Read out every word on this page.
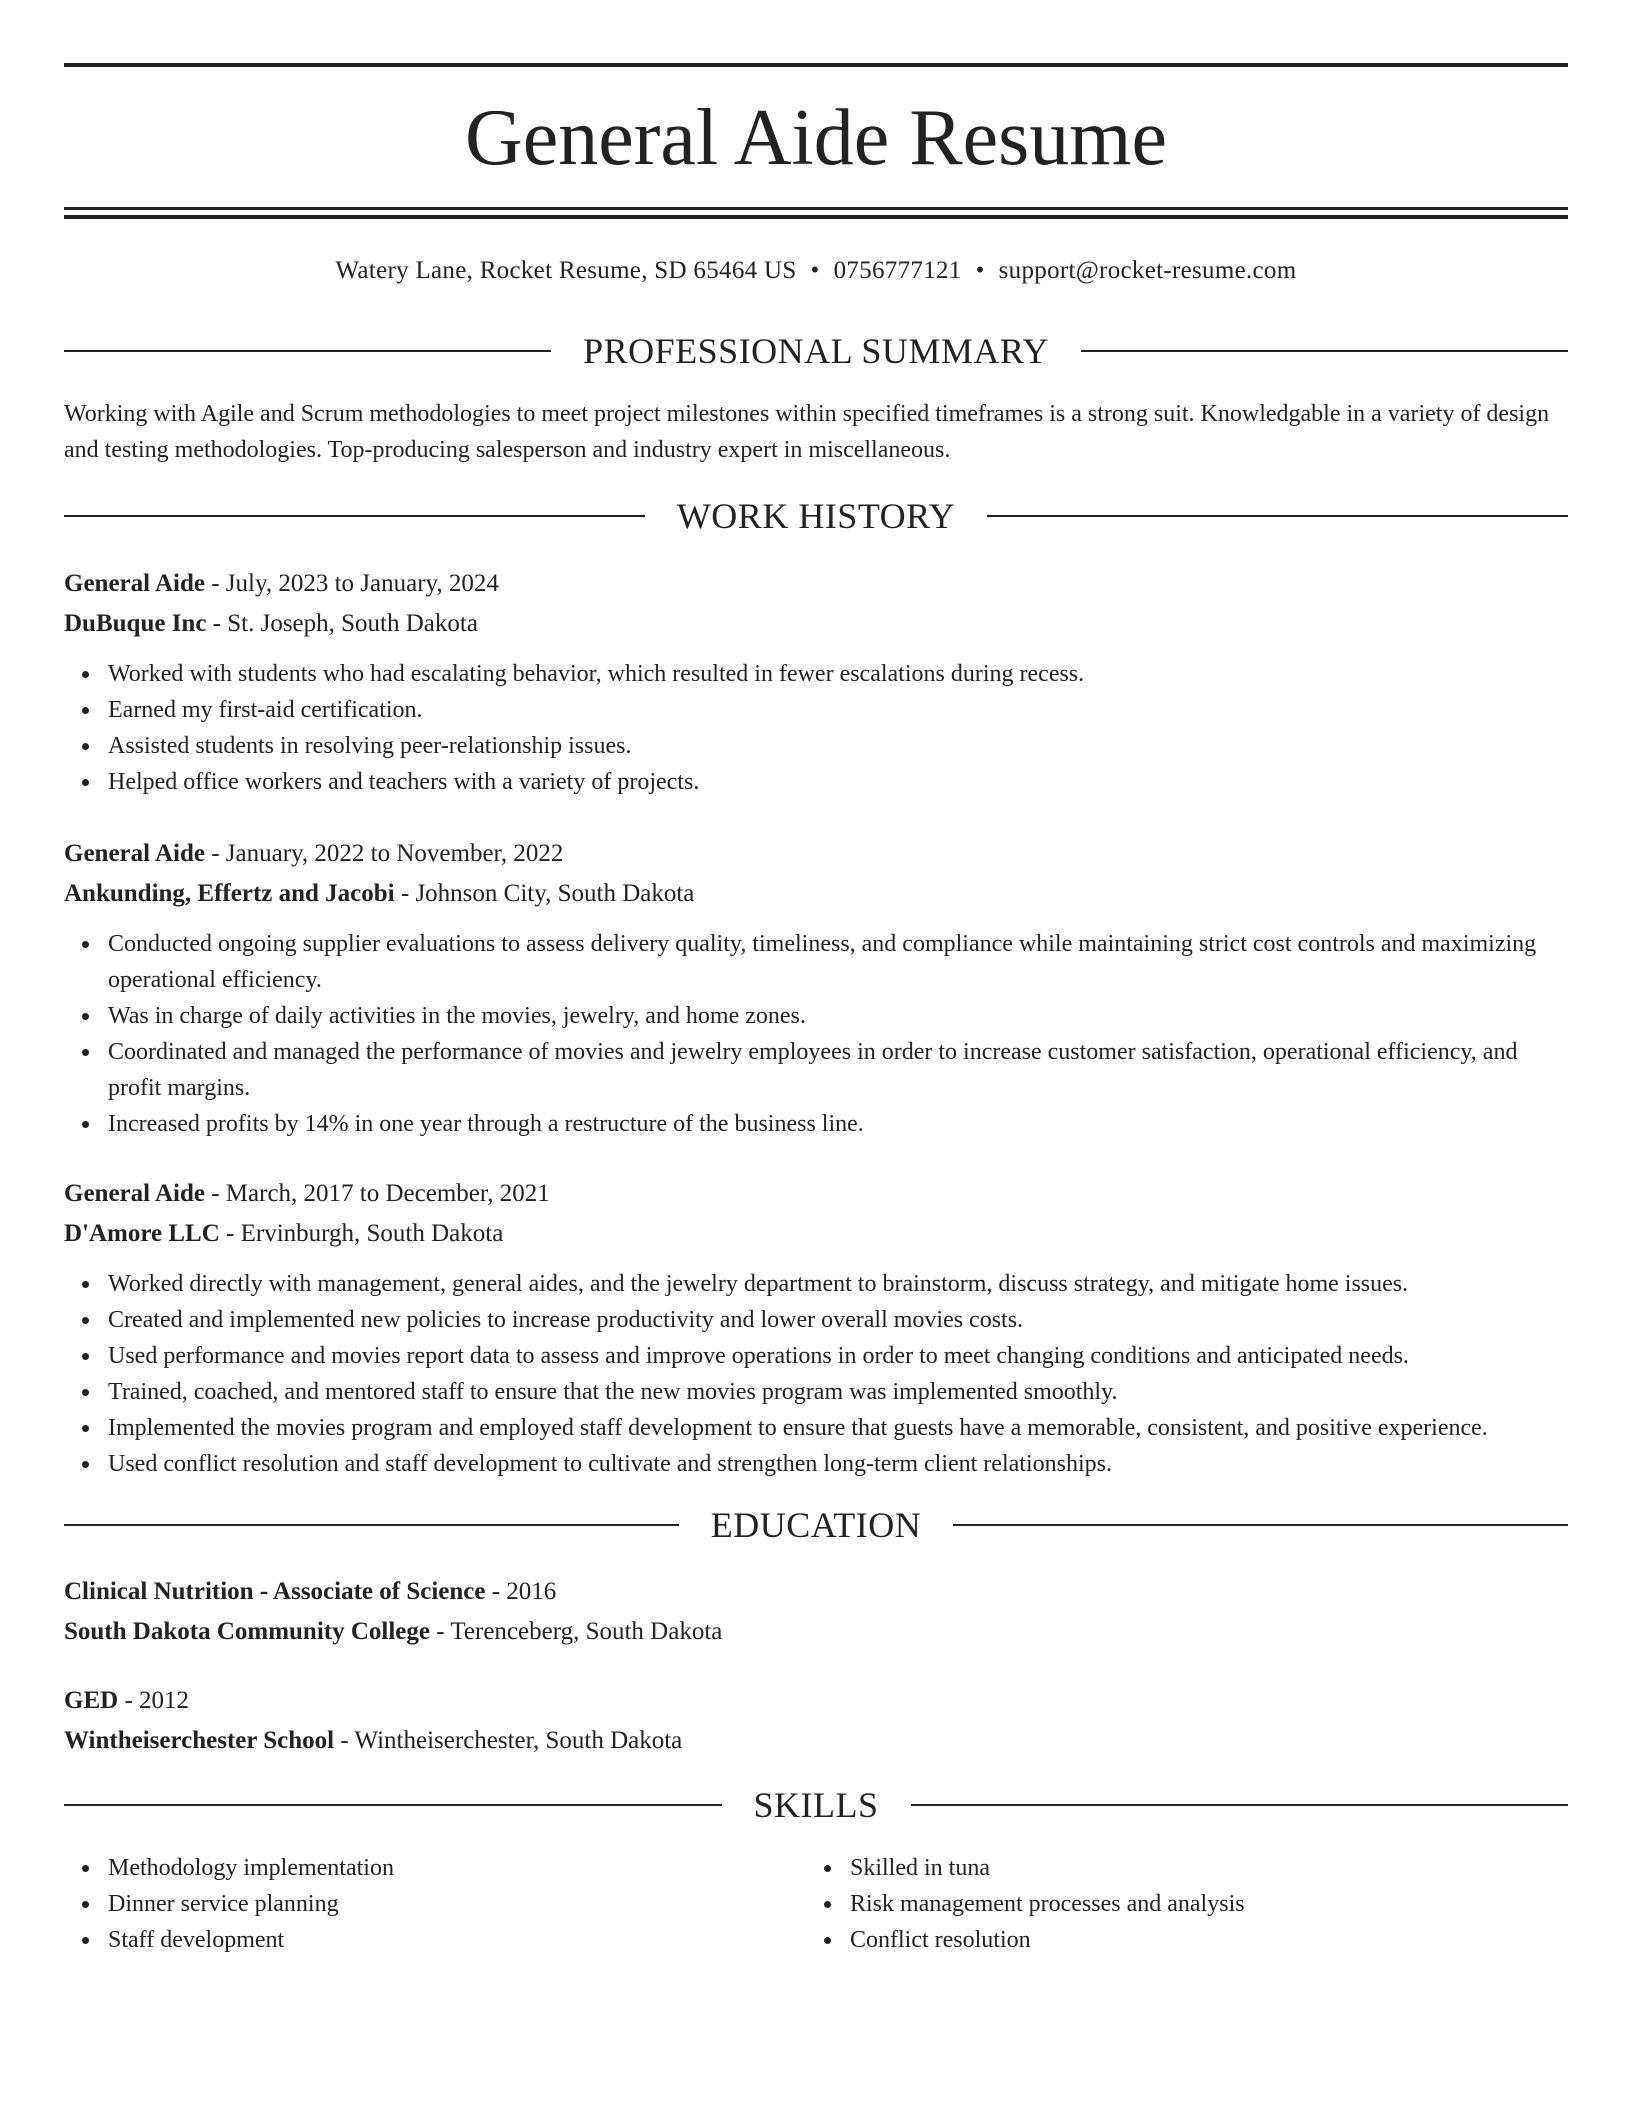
General Aide Resume
Watery Lane, Rocket Resume, SD 65464 US • 0756777121 • support@rocket-resume.com
PROFESSIONAL SUMMARY
Working with Agile and Scrum methodologies to meet project milestones within specified timeframes is a strong suit. Knowledgable in a variety of design and testing methodologies. Top-producing salesperson and industry expert in miscellaneous.
WORK HISTORY
General Aide - July, 2023 to January, 2024
DuBuque Inc - St. Joseph, South Dakota
Worked with students who had escalating behavior, which resulted in fewer escalations during recess.
Earned my first-aid certification.
Assisted students in resolving peer-relationship issues.
Helped office workers and teachers with a variety of projects.
General Aide - January, 2022 to November, 2022
Ankunding, Effertz and Jacobi - Johnson City, South Dakota
Conducted ongoing supplier evaluations to assess delivery quality, timeliness, and compliance while maintaining strict cost controls and maximizing operational efficiency.
Was in charge of daily activities in the movies, jewelry, and home zones.
Coordinated and managed the performance of movies and jewelry employees in order to increase customer satisfaction, operational efficiency, and profit margins.
Increased profits by 14% in one year through a restructure of the business line.
General Aide - March, 2017 to December, 2021
D'Amore LLC - Ervinburgh, South Dakota
Worked directly with management, general aides, and the jewelry department to brainstorm, discuss strategy, and mitigate home issues.
Created and implemented new policies to increase productivity and lower overall movies costs.
Used performance and movies report data to assess and improve operations in order to meet changing conditions and anticipated needs.
Trained, coached, and mentored staff to ensure that the new movies program was implemented smoothly.
Implemented the movies program and employed staff development to ensure that guests have a memorable, consistent, and positive experience.
Used conflict resolution and staff development to cultivate and strengthen long-term client relationships.
EDUCATION
Clinical Nutrition - Associate of Science - 2016
South Dakota Community College - Terenceberg, South Dakota
GED - 2012
Wintheiserchester School - Wintheiserchester, South Dakota
SKILLS
Methodology implementation
Dinner service planning
Staff development
Skilled in tuna
Risk management processes and analysis
Conflict resolution
